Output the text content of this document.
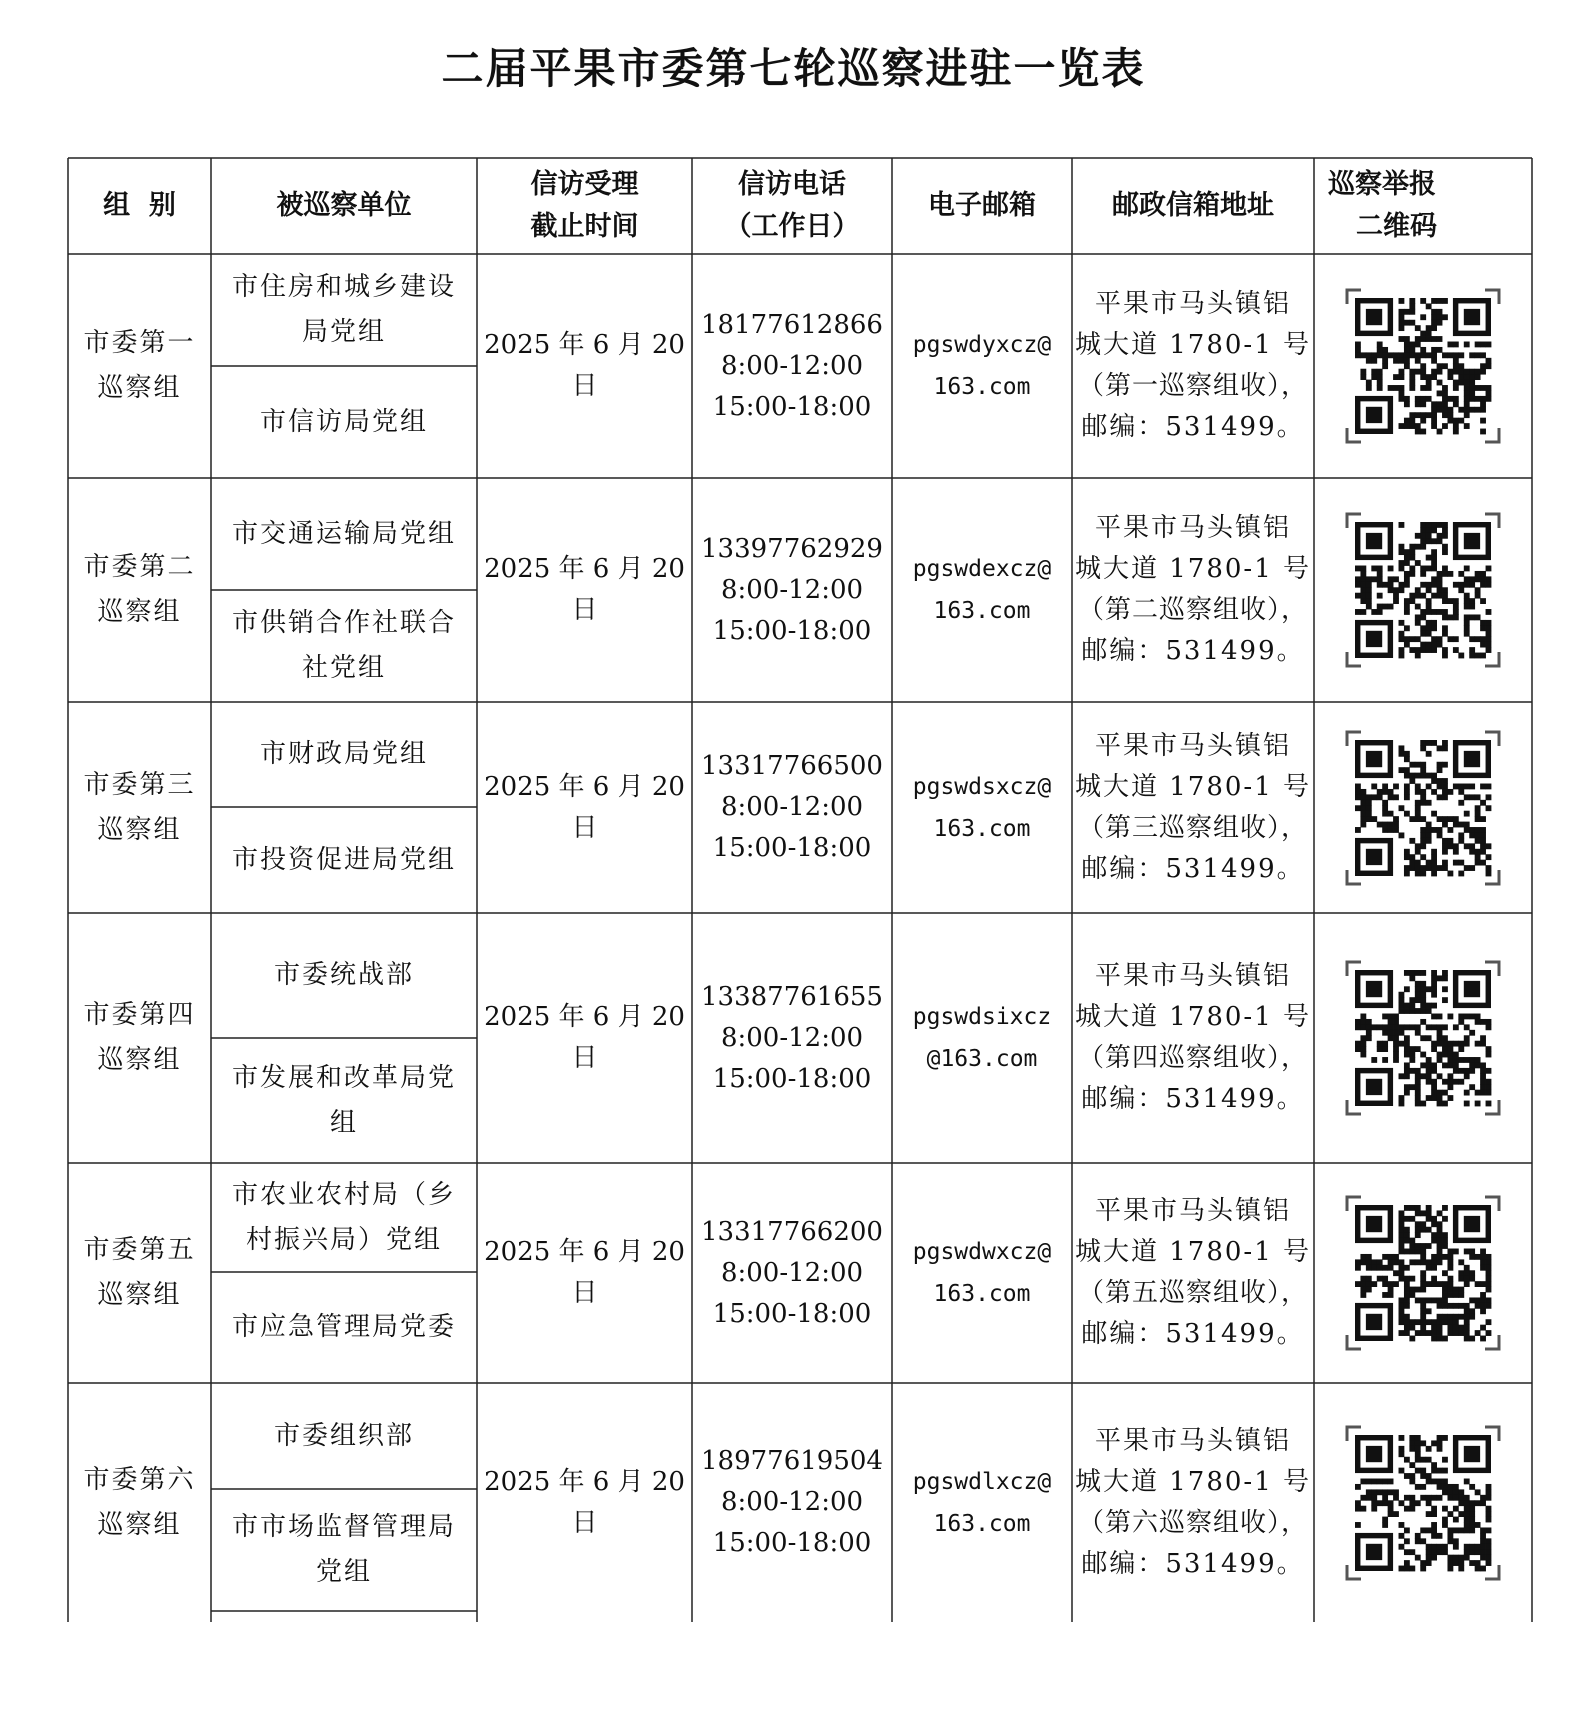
二届平果市委第七轮巡察进驻一览表
组  别	被巡察单位
信访受理
截止时间
信访电话
（工作日）
电子邮箱	邮政信箱地址
巡察举报
二维码
市委第一
巡察组
市住房和城乡建设局党组
市信访局党组
2025 年 6 月 20
日
18177612866
8:00-12:00
15:00-18:00
pgswdyxcz@
163.com
平果市马头镇铝
城大道 1780-1 号
（第一巡察组收），
邮编：531499。
市委第二
巡察组
市交通运输局党组
市供销合作社联合社党组
2025 年 6 月 20
日
13397762929
8:00-12:00
15:00-18:00
pgswdexcz@
163.com
平果市马头镇铝
城大道 1780-1 号
（第二巡察组收），
邮编：531499。
市委第三
巡察组
市财政局党组
市投资促进局党组
2025 年 6 月 20
日
13317766500
8:00-12:00
15:00-18:00
pgswdsxcz@
163.com
平果市马头镇铝
城大道 1780-1 号
（第三巡察组收），
邮编：531499。
市委第四
巡察组
市委统战部
市发展和改革局党组
2025 年 6 月 20
日
13387761655
8:00-12:00
15:00-18:00
pgswdsixcz
@163.com
平果市马头镇铝
城大道 1780-1 号
（第四巡察组收），
邮编：531499。
市委第五
巡察组
市农业农村局（乡村振兴局）党组
市应急管理局党委
2025 年 6 月 20
日
13317766200
8:00-12:00
15:00-18:00
pgswdwxcz@
163.com
平果市马头镇铝
城大道 1780-1 号
（第五巡察组收），
邮编：531499。
市委第六
巡察组
市委组织部
市市场监督管理局党组
2025 年 6 月 20
日
18977619504
8:00-12:00
15:00-18:00
pgswdlxcz@
163.com
平果市马头镇铝
城大道 1780-1 号
（第六巡察组收），
邮编：531499。
